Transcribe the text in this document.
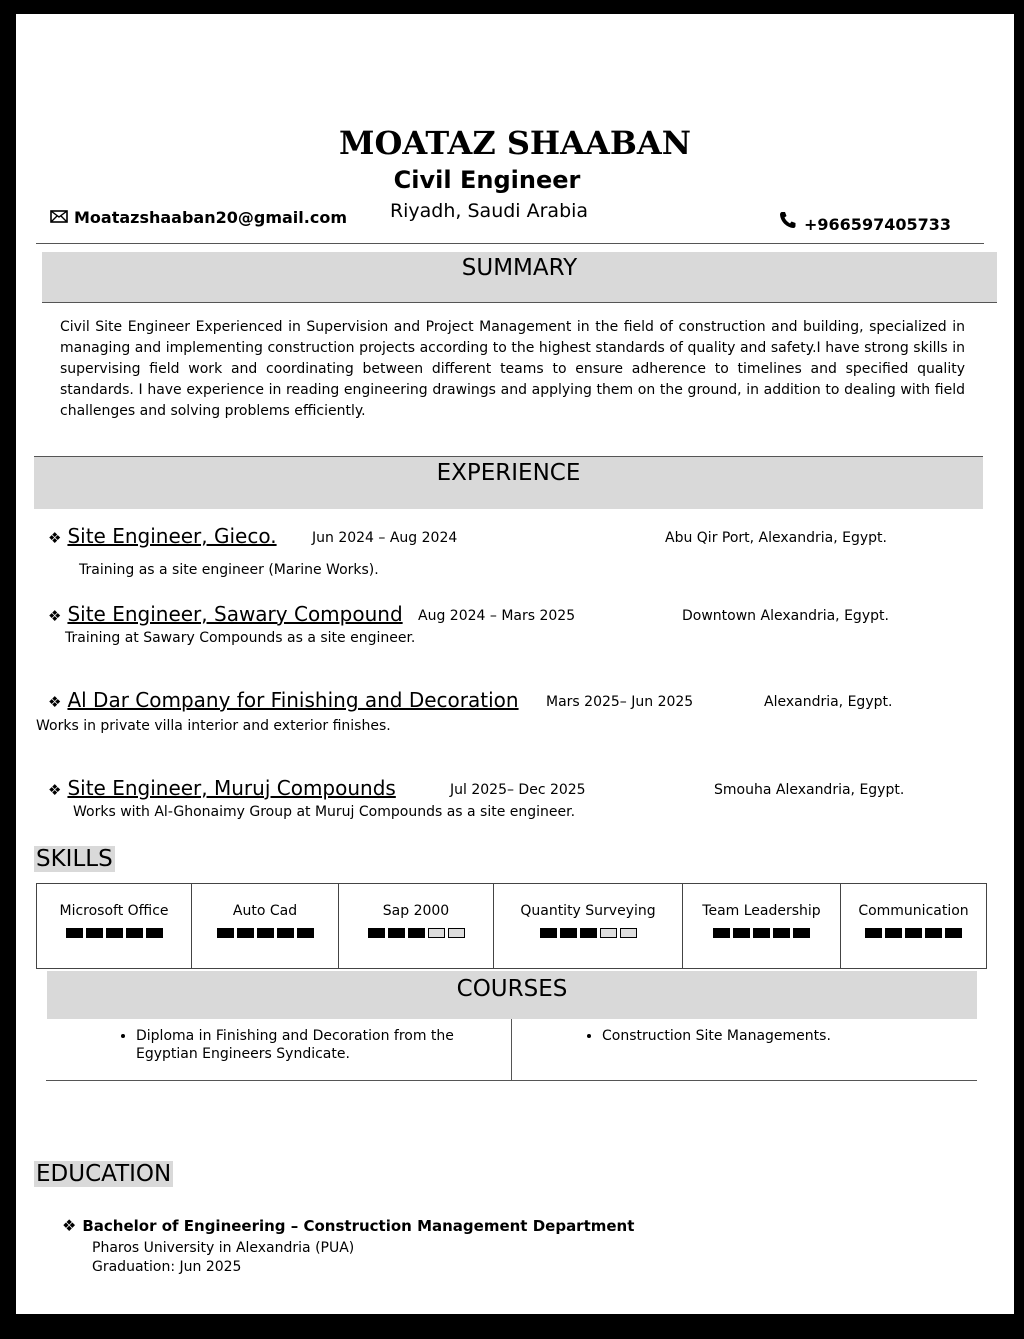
MOATAZ SHAABAN
Civil Engineer
Riyadh, Saudi Arabia
Moatazshaaban20@gmail.com	+966597405733
SUMMARY
Civil Site Engineer Experienced in Supervision and Project Management in the field of construction and building, specialized in managing and implementing construction projects according to the highest standards of quality and safety.I have strong skills in supervising field work and coordinating between different teams to ensure adherence to timelines and specified quality standards. I have experience in reading engineering drawings and applying them on the ground, in addition to dealing with field challenges and solving problems efficiently.
EXPERIENCE
❖ Site Engineer, Gieco.	Jun 2024 – Aug 2024	Abu Qir Port, Alexandria, Egypt.
Training as a site engineer (Marine Works).
❖ Site Engineer, Sawary Compound Aug 2024 – Mars 2025	Downtown Alexandria, Egypt.
Training at Sawary Compounds as a site engineer.
❖ Al Dar Company for Finishing and Decoration Mars 2025– Jun 2025	Alexandria, Egypt.
Works in private villa interior and exterior finishes.
❖ Site Engineer, Muruj Compounds	Jul 2025– Dec 2025	Smouha Alexandria, Egypt.
Works with Al-Ghonaimy Group at Muruj Compounds as a site engineer.
SKILLS
Microsoft Office	Auto Cad	Sap 2000	Quantity Surveying	Team Leadership	Communication
COURSES
• Diploma in Finishing and Decoration from the Egyptian Engineers Syndicate.
• Construction Site Managements.
EDUCATION
❖ Bachelor of Engineering – Construction Management Department
Pharos University in Alexandria (PUA)
Graduation: Jun 2025
